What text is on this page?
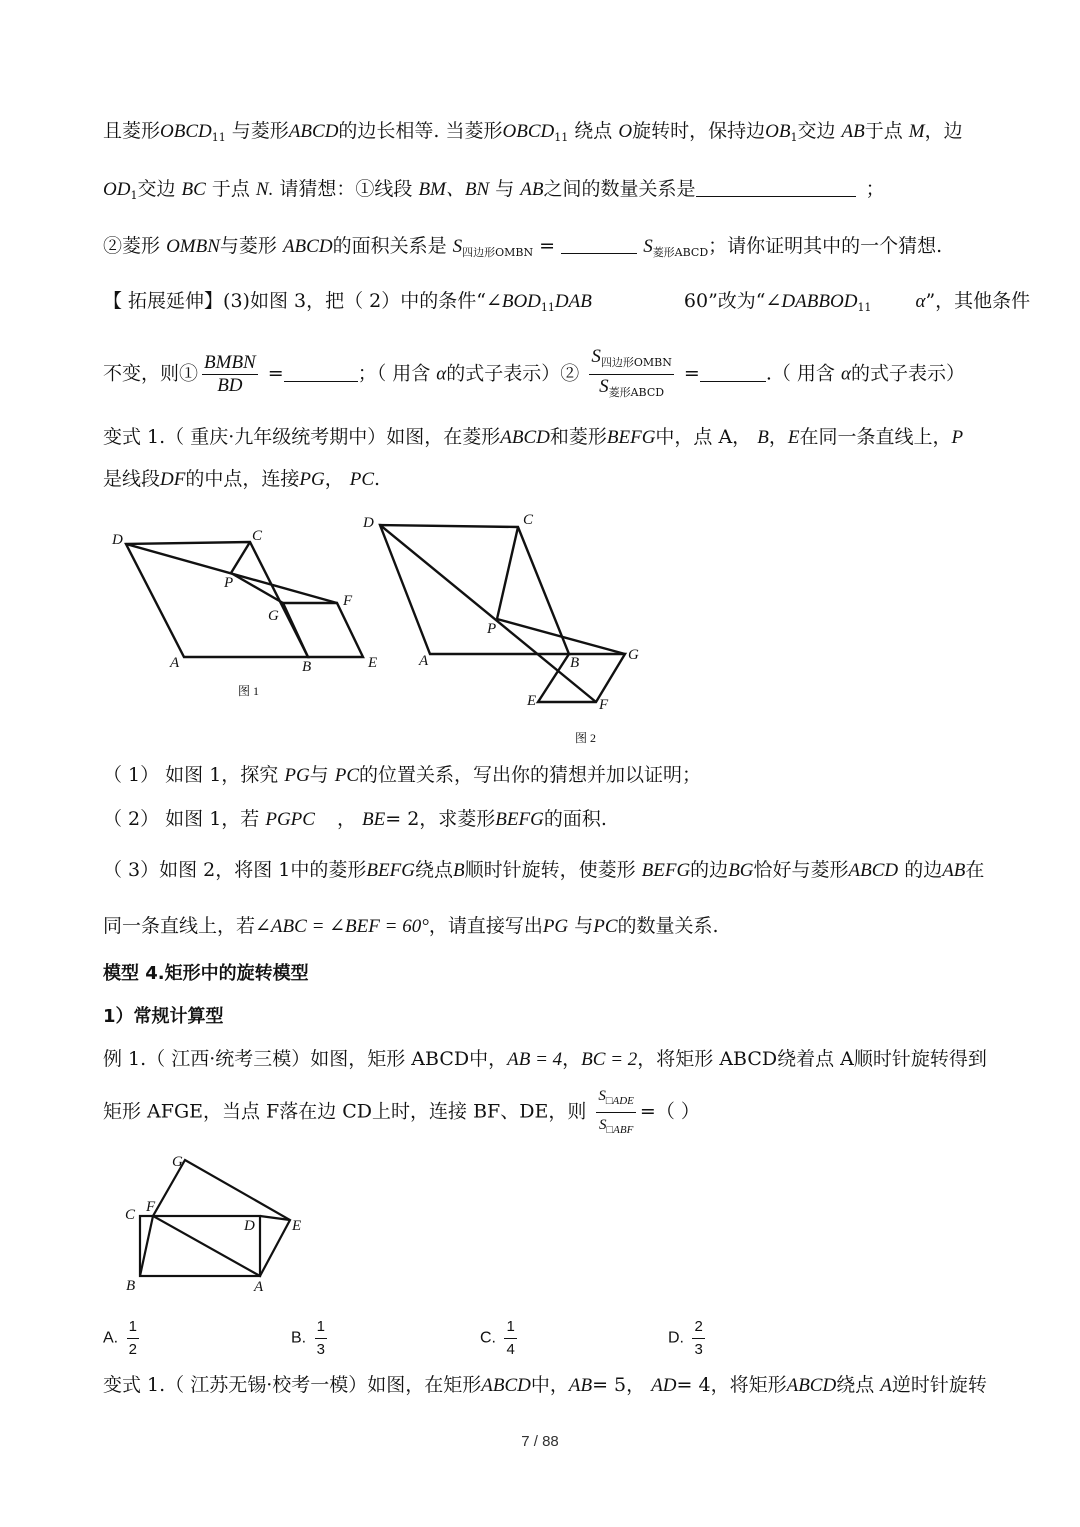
且菱形$OBCD_{11}$ 与菱形ABCD的边长相等. 当菱形$OBCD_{11}$ 绕点 O旋转时，保持边$OB_1$交边 AB于点 M，边
$OD_1$交边 BC 于点 N. 请猜想：①线段 BM、BN 与 AB之间的数量关系是	；
②菱形 OMBN与菱形 ABCD的面积关系是 $S_{四边形OMBN}$ =	$S_{菱形ABCD}$；请你证明其中的一个猜想.
【 拓展延伸】(3)如图 3，把（ 2）中的条件“$\angle BOD_{11}DAB$	60”改为“$\angle DABBOD_{11}$ α”，其他条件
不变，则① $\frac{\text{BMBN}}{BD}$ =	；（ 用含 α的式子表示）② $\frac{S_{四边形OMBN}}{S_{菱形ABCD}}$ =	.（ 用含 α的式子表示）
变式 1.（ 重庆·九年级统考期中）如图，在菱形ABCD和菱形BEFG中，点 A， B，E在同一条直线上，P
是线段DF的中点，连接PG， PC.
D	C
P
G
F
A	B	E
图 1
D	C
P
A	B	G
E	F
图 2
（ 1） 如图 1，探究 PG与 PC的位置关系，写出你的猜想并加以证明；
（ 2） 如图 1，若 PGPC ， BE= 2，求菱形BEFG的面积.
（ 3）如图 2，将图 1中的菱形BEFG绕点B顺时针旋转，使菱形 BEFG的边BG恰好与菱形ABCD 的边AB在
同一条直线上，若∠ABC = ∠BEF = 60°，请直接写出PG 与PC的数量关系.
模型 4.矩形中的旋转模型
1）常规计算型
例 1.（ 江西·统考三模）如图，矩形 ABCD中，AB = 4，BC = 2，将矩形 ABCD绕着点 A顺时针旋转得到
矩形 AFGE，当点 F落在边 CD上时，连接 BF、DE，则 $\frac{S_{□ADE}}{S_{□ABF}}$ =（ ）
G
C F
D E
B	A
A. $\frac{1}{2}$	B. $\frac{1}{3}$	C. $\frac{1}{4}$	D. $\frac{2}{3}$
变式 1.（ 江苏无锡·校考一模）如图，在矩形ABCD中，AB= 5， AD= 4，将矩形ABCD绕点 A逆时针旋转
7 / 88
